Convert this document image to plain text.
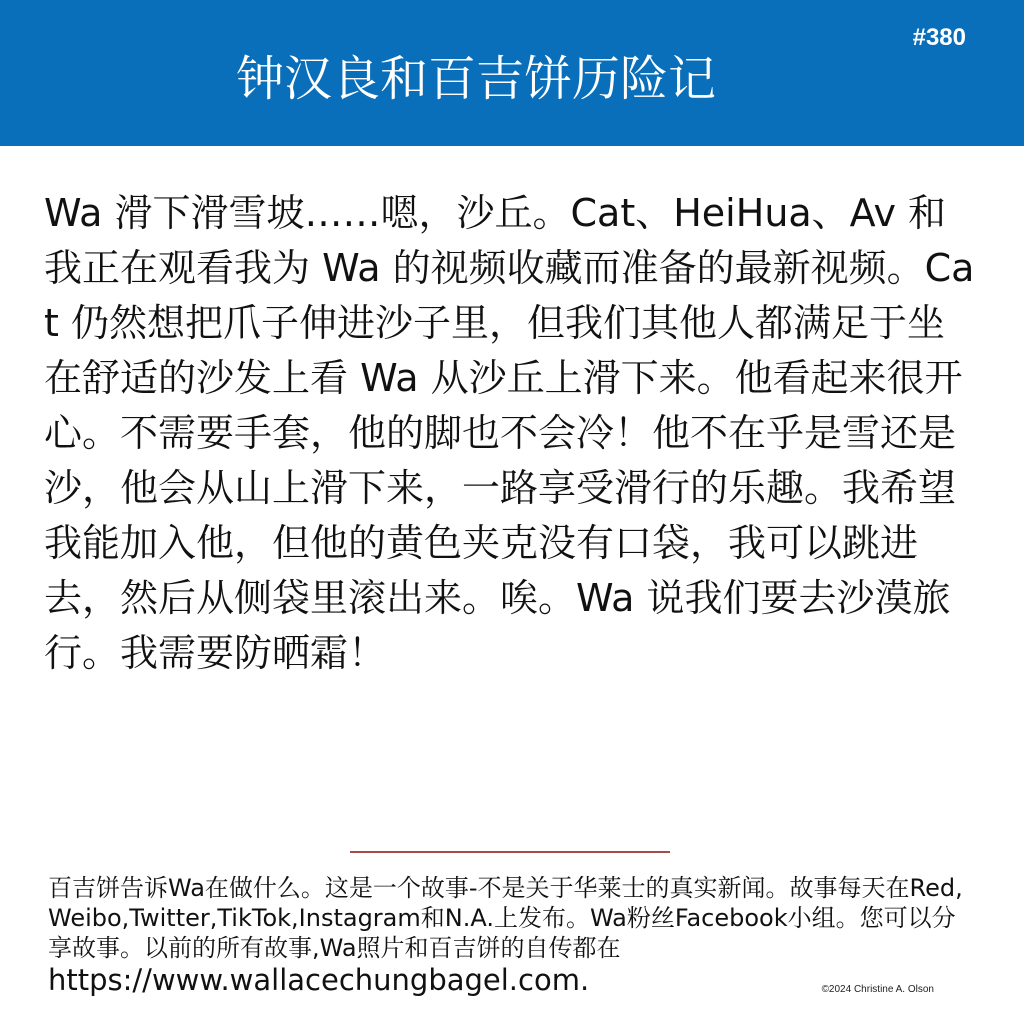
#380
钟汉良和百吉饼历险记
Wa 滑下滑雪坡……嗯，沙丘。Cat、HeiHua、Av 和我正在观看我为 Wa 的视频收藏而准备的最新视频。Cat 仍然想把爪子伸进沙子里，但我们其他人都满足于坐在舒适的沙发上看 Wa 从沙丘上滑下来。他看起来很开心。不需要手套，他的脚也不会冷！他不在乎是雪还是沙，他会从山上滑下来，一路享受滑行的乐趣。我希望我能加入他，但他的黄色夹克没有口袋，我可以跳进去，然后从侧袋里滚出来。唉。Wa 说我们要去沙漠旅行。我需要防晒霜！
百吉饼告诉Wa在做什么。这是一个故事-不是关于华莱士的真实新闻。故事每天在Red,Weibo,Twitter,TikTok,Instagram和N.A.上发布。Wa粉丝Facebook小组。您可以分享故事。以前的所有故事,Wa照片和百吉饼的自传都在
https://www.wallacechungbagel.com.	©2024 Christine A. Olson
